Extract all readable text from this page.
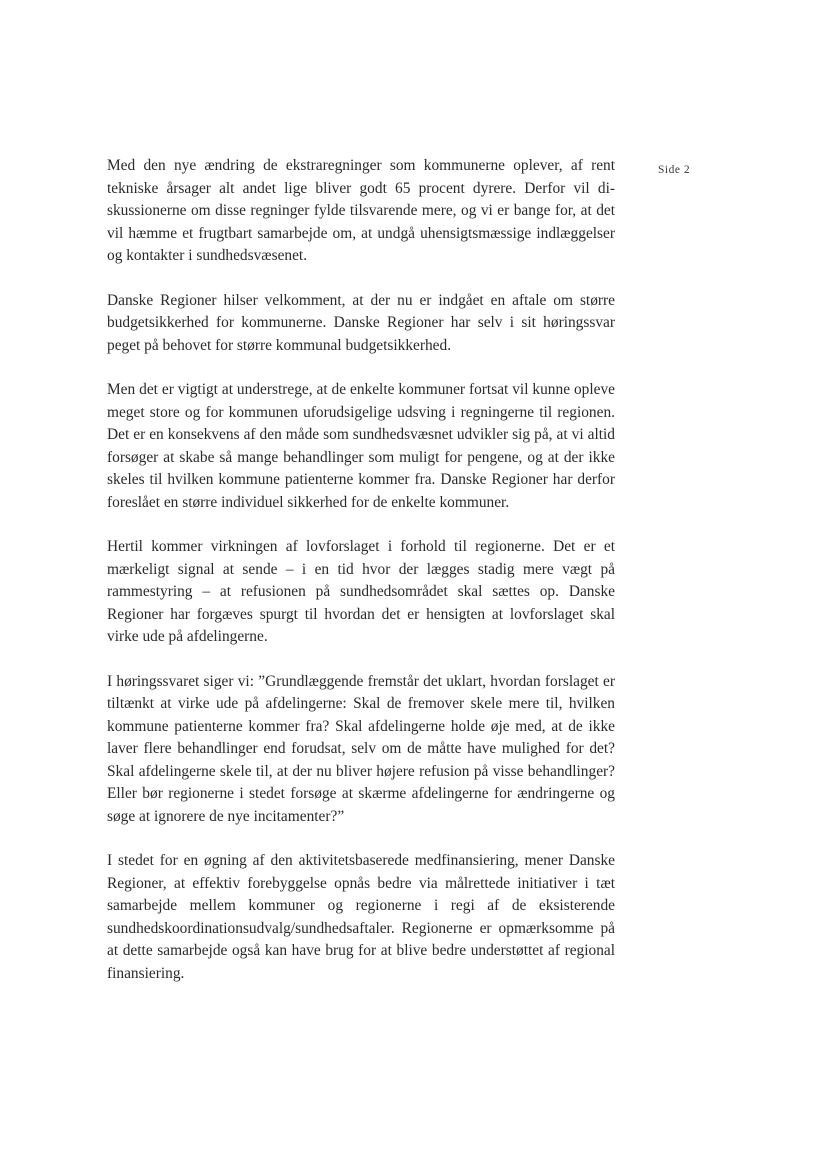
Side 2

Med den nye ændring de ekstraregninger som kommunerne oplever, af rent tekniske årsager alt andet lige bliver godt 65 procent dyrere. Derfor vil diskussionerne om disse regninger fylde tilsvarende mere, og vi er bange for, at det vil hæmme et frugtbart samarbejde om, at undgå uhensigtsmæssige indlæggelser og kontakter i sundhedsvæsenet.

Danske Regioner hilser velkomment, at der nu er indgået en aftale om større budgetsikkerhed for kommunerne. Danske Regioner har selv i sit høringssvar peget på behovet for større kommunal budgetsikkerhed.

Men det er vigtigt at understrege, at de enkelte kommuner fortsat vil kunne opleve meget store og for kommunen uforudsigelige udsving i regningerne til regionen. Det er en konsekvens af den måde som sundhedsvæsnet udvikler sig på, at vi altid forsøger at skabe så mange behandlinger som muligt for pengene, og at der ikke skeles til hvilken kommune patienterne kommer fra. Danske Regioner har derfor foreslået en større individuel sikkerhed for de enkelte kommuner.

Hertil kommer virkningen af lovforslaget i forhold til regionerne. Det er et mærkeligt signal at sende – i en tid hvor der lægges stadig mere vægt på rammestyring – at refusionen på sundhedsområdet skal sættes op. Danske Regioner har forgæves spurgt til hvordan det er hensigten at lovforslaget skal virke ude på afdelingerne.

I høringssvaret siger vi: ”Grundlæggende fremstår det uklart, hvordan forslaget er tiltænkt at virke ude på afdelingerne: Skal de fremover skele mere til, hvilken kommune patienterne kommer fra? Skal afdelingerne holde øje med, at de ikke laver flere behandlinger end forudsat, selv om de måtte have mulighed for det? Skal afdelingerne skele til, at der nu bliver højere refusion på visse behandlinger? Eller bør regionerne i stedet forsøge at skærme afdelingerne for ændringerne og søge at ignorere de nye incitamenter?”

I stedet for en øgning af den aktivitetsbaserede medfinansiering, mener Danske Regioner, at effektiv forebyggelse opnås bedre via målrettede initiativer i tæt samarbejde mellem kommuner og regionerne i regi af de eksisterende sundhedskoordinationsudvalg/sundhedsaftaler. Regionerne er opmærksomme på at dette samarbejde også kan have brug for at blive bedre understøttet af regional finansiering.
